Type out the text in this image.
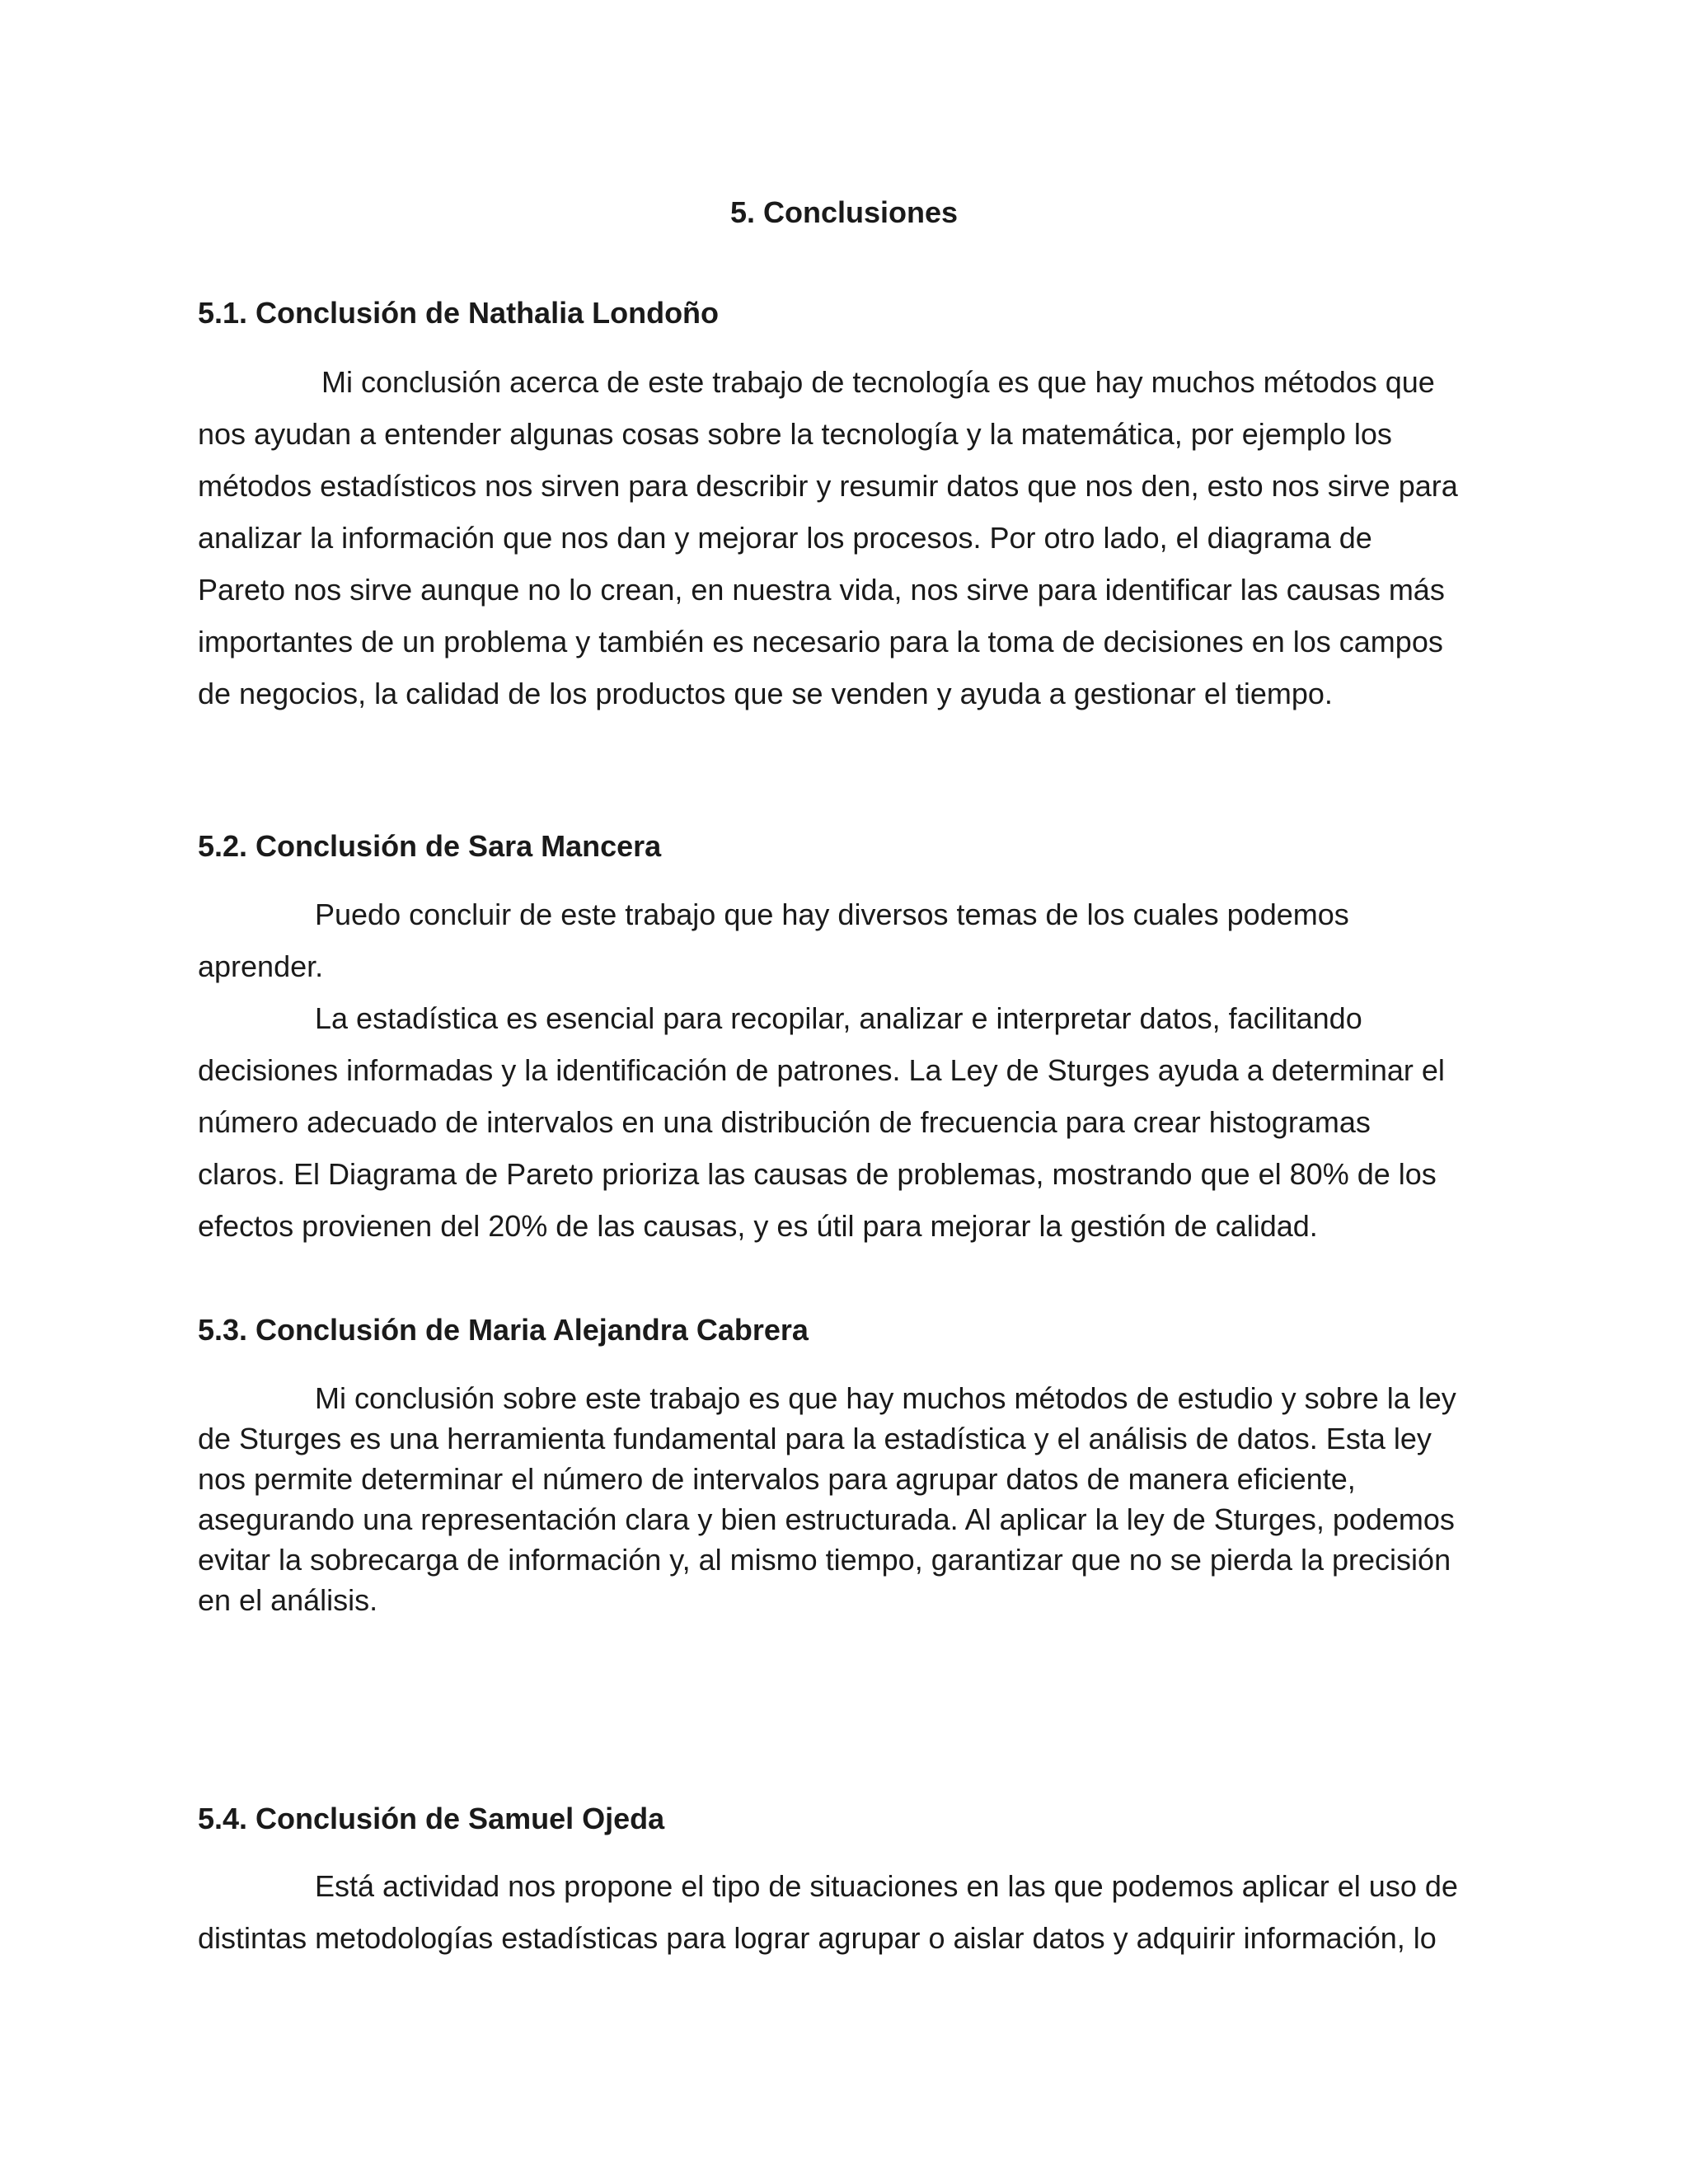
5. Conclusiones
5.1. Conclusión de Nathalia Londoño
Mi conclusión acerca de este trabajo de tecnología es que hay muchos métodos que
nos ayudan a entender algunas cosas sobre la tecnología y la matemática, por ejemplo los
métodos estadísticos nos sirven para describir y resumir datos que nos den, esto nos sirve para
analizar la información que nos dan y mejorar los procesos. Por otro lado, el diagrama de
Pareto nos sirve aunque no lo crean, en nuestra vida, nos sirve para identificar las causas más
importantes de un problema y también es necesario para la toma de decisiones en los campos
de negocios, la calidad de los productos que se venden y ayuda a gestionar el tiempo.
5.2. Conclusión de Sara Mancera
Puedo concluir de este trabajo que hay diversos temas de los cuales podemos
aprender.
La estadística es esencial para recopilar, analizar e interpretar datos, facilitando
decisiones informadas y la identificación de patrones. La Ley de Sturges ayuda a determinar el
número adecuado de intervalos en una distribución de frecuencia para crear histogramas
claros. El Diagrama de Pareto prioriza las causas de problemas, mostrando que el 80% de los
efectos provienen del 20% de las causas, y es útil para mejorar la gestión de calidad.
5.3. Conclusión de Maria Alejandra Cabrera
Mi conclusión sobre este trabajo es que hay muchos métodos de estudio y sobre la ley
de Sturges es una herramienta fundamental para la estadística y el análisis de datos. Esta ley
nos permite determinar el número de intervalos para agrupar datos de manera eficiente,
asegurando una representación clara y bien estructurada. Al aplicar la ley de Sturges, podemos
evitar la sobrecarga de información y, al mismo tiempo, garantizar que no se pierda la precisión
en el análisis.
5.4. Conclusión de Samuel Ojeda
Está actividad nos propone el tipo de situaciones en las que podemos aplicar el uso de
distintas metodologías estadísticas para lograr agrupar o aislar datos y adquirir información, lo
